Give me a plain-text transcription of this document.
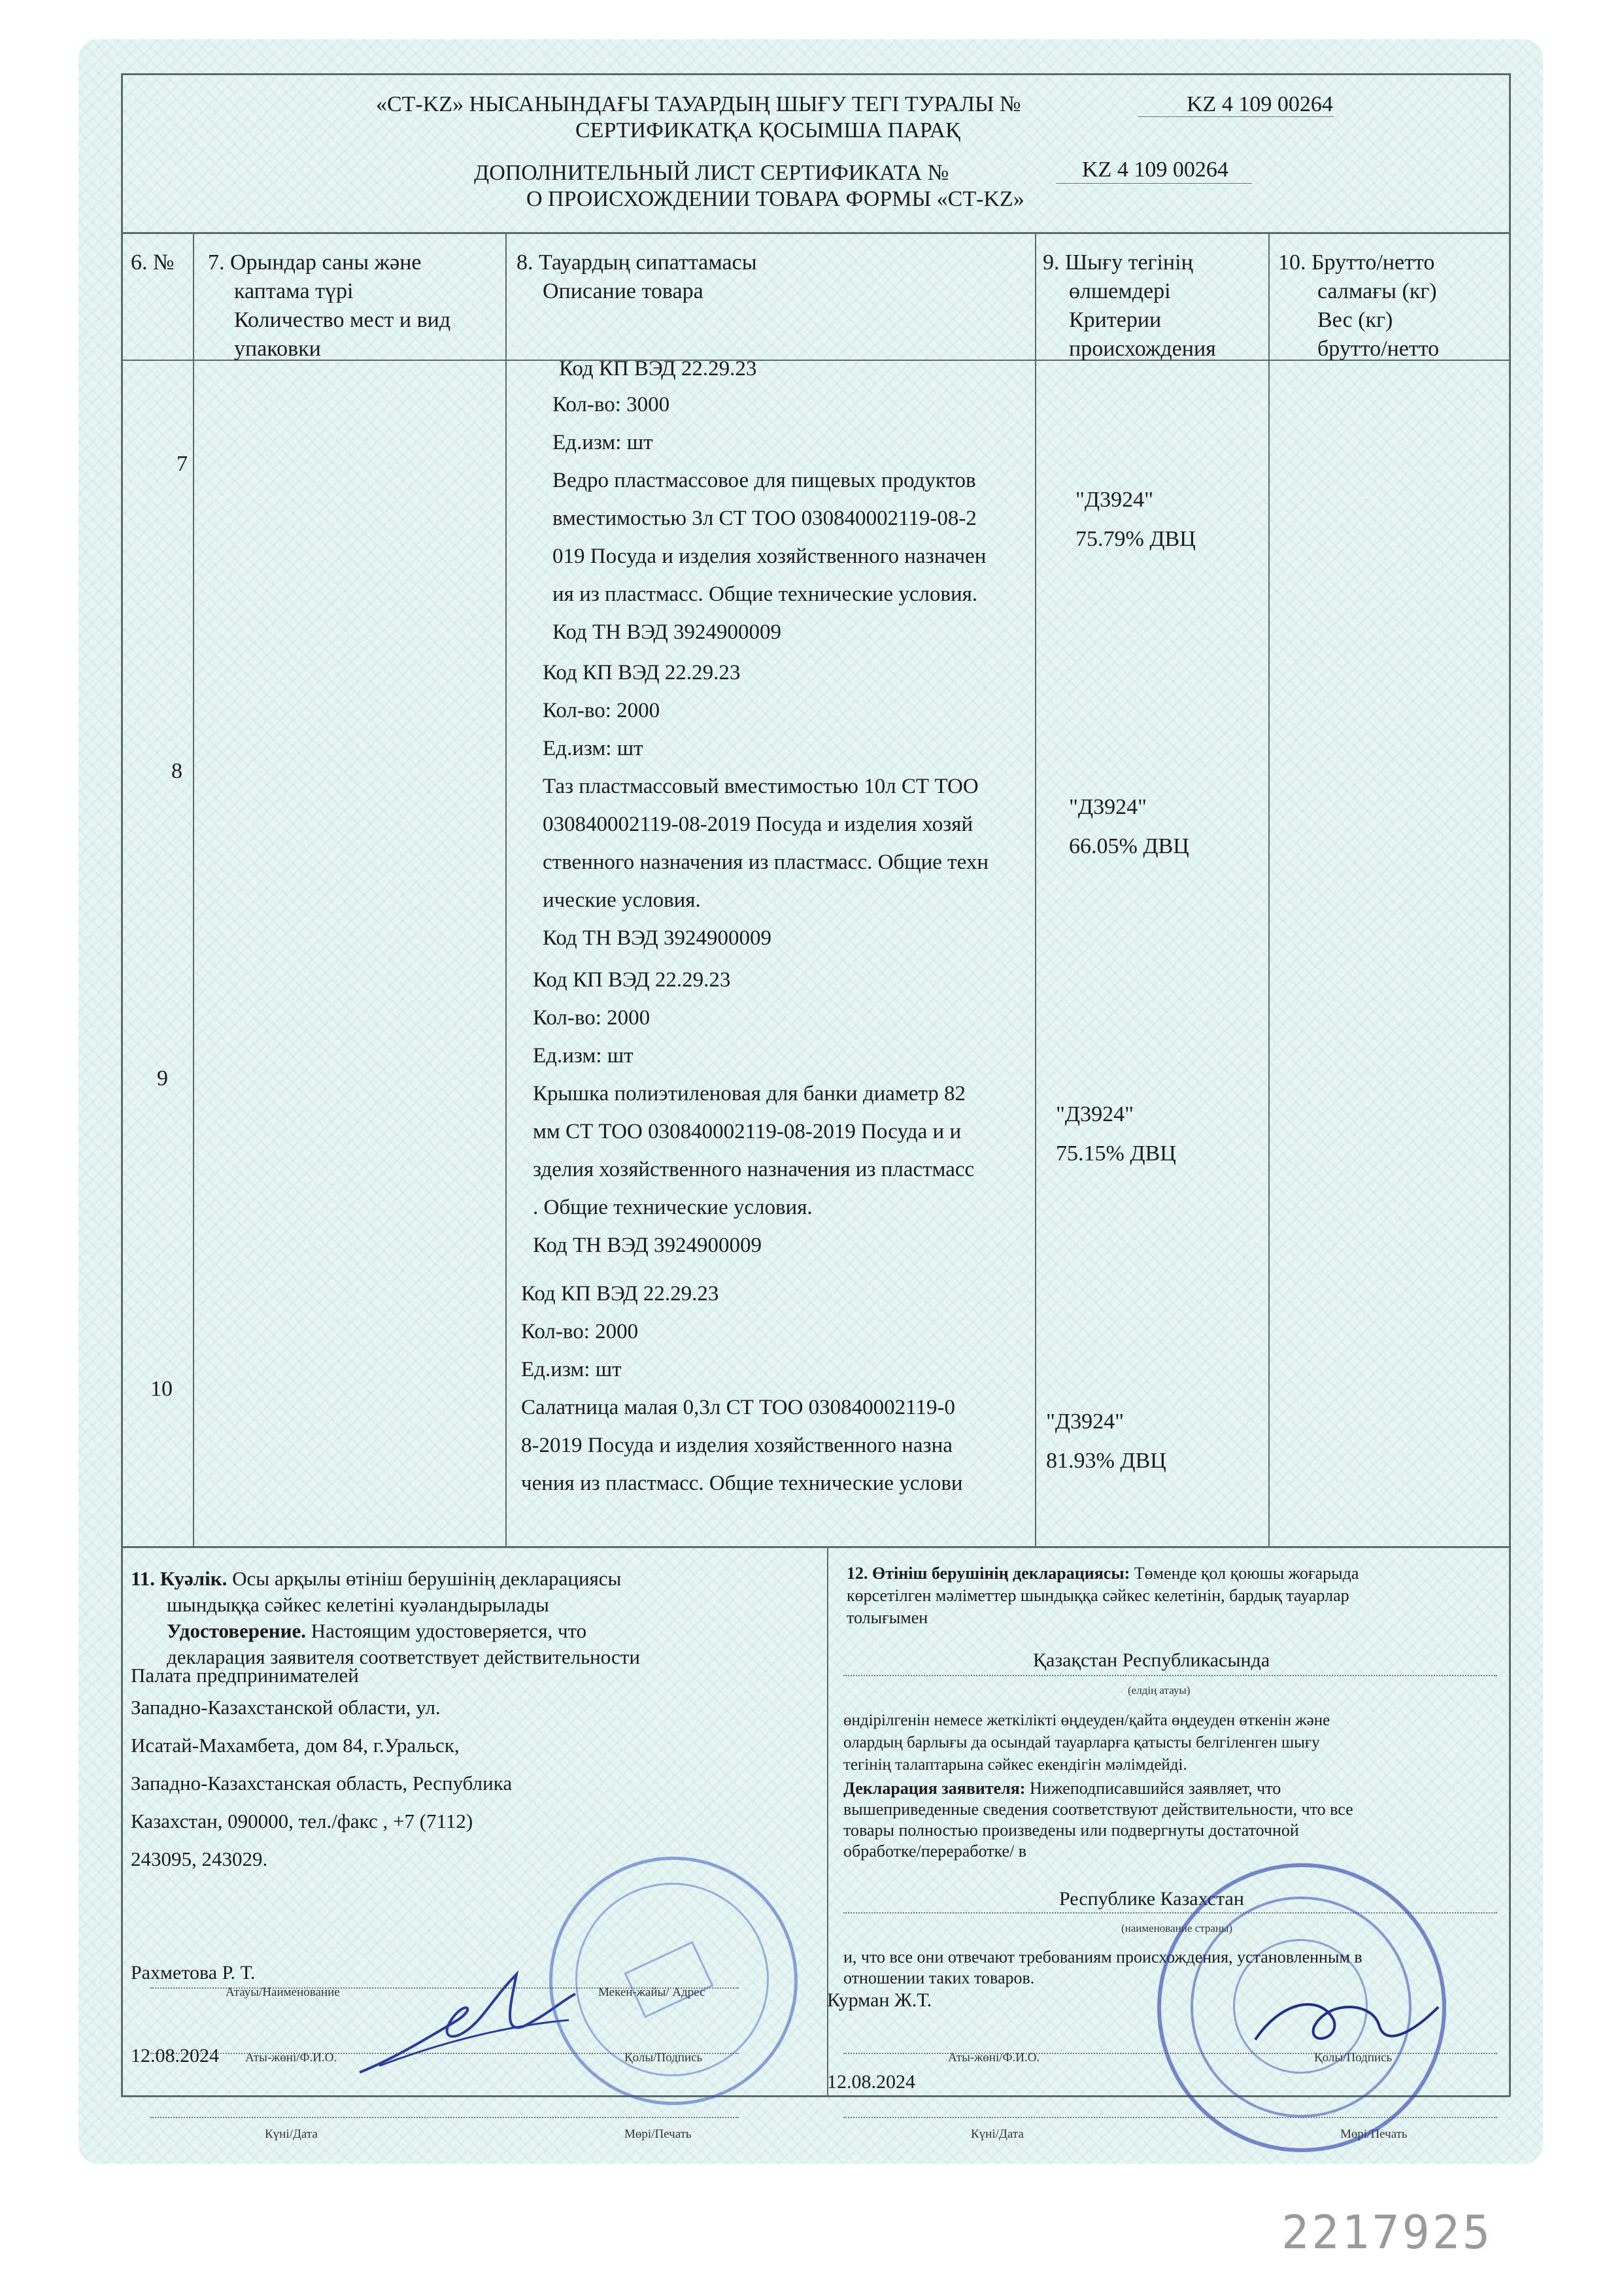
«СТ-KZ» НЫСАНЫНДАҒЫ ТАУАРДЫҢ ШЫҒУ ТЕГІ ТУРАЛЫ №	KZ 4 109 00264
СЕРТИФИКАТҚА ҚОСЫМША ПАРАҚ
ДОПОЛНИТЕЛЬНЫЙ ЛИСТ СЕРТИФИКАТА №	KZ 4 109 00264
О ПРОИСХОЖДЕНИИ ТОВАРА ФОРМЫ «СТ-KZ»
6. № 7. Орындар саны және
каптама түрі
Количество мест и вид
упаковки
8. Тауардың сипаттамасы
Описание товара
9. Шығу тегінің
өлшемдері
Критерии
происхождения
10. Брутто/нетто
салмағы (кг)
Вес (кг)
брутто/нетто
Код КП ВЭД 22.29.23
7
Кол-во: 3000
Ед.изм: шт
Ведро пластмассовое для пищевых продуктов
вместимостью 3л СТ ТОО 030840002119-08-2
019 Посуда и изделия хозяйственного назначен
ия из пластмасс. Общие технические условия.
Код ТН ВЭД 3924900009
"Д3924"
75.79% ДВЦ
8
Код КП ВЭД 22.29.23
Кол-во: 2000
Ед.изм: шт
Таз пластмассовый вместимостью 10л СТ ТОО
030840002119-08-2019 Посуда и изделия хозяй
ственного назначения из пластмасс. Общие техн
ические условия.
Код ТН ВЭД 3924900009
"Д3924"
66.05% ДВЦ
9
Код КП ВЭД 22.29.23
Кол-во: 2000
Ед.изм: шт
Крышка полиэтиленовая для банки диаметр 82
мм СТ ТОО 030840002119-08-2019 Посуда и и
зделия хозяйственного назначения из пластмасс
. Общие технические условия.
Код ТН ВЭД 3924900009
"Д3924"
75.15% ДВЦ
10
Код КП ВЭД 22.29.23
Кол-во: 2000
Ед.изм: шт
Салатница малая 0,3л СТ ТОО 030840002119-0
8-2019 Посуда и изделия хозяйственного назна
чения из пластмасс. Общие технические услови
"Д3924"
81.93% ДВЦ
11. Куәлік. Осы арқылы өтініш берушінің декларациясы
шындыққа сәйкес келетіні куәландырылады
Удостоверение. Настоящим удостоверяется, что
декларация заявителя соответствует действительности
Палата предпринимателей
Западно-Казахстанской области, ул.
Исатай-Махамбета, дом 84, г.Уральск,
Западно-Казахстанская область, Республика
Казахстан, 090000, тел./факс , +7 (7112)
243095, 243029.
Атауы/Наименование	Мекен-жайы/ Адрес
Рахметова Р. Т.
Аты-жөні/Ф.И.О.	Қолы/Подпись
12.08.2024
Күні/Дата	Мөрі/Печать
12. Өтініш берушінің декларациясы: Төменде қол қоюшы жоғарыда
көрсетілген мәліметтер шындыққа сәйкес келетінін, бардық тауарлар
толығымен
Қазақстан Республикасында
(елдің атауы)
өндірілгенін немесе жеткілікті өңдеуден/қайта өңдеуден өткенін және
олардың барлығы да осындай тауарларға қатысты белгіленген шығу
тегінің талаптарына сәйкес екендігін мәлімдейді.
Декларация заявителя: Нижеподписавшийся заявляет, что
вышеприведенные сведения соответствуют действительности, что все
товары полностью произведены или подвергнуты достаточной
обработке/переработке/ в
Республике Казахстан
(наименование страны)
и, что все они отвечают требованиям происхождения, установленным в
отношении таких товаров.
Курман Ж.Т.
Аты-жөні/Ф.И.О.	Қолы/Подпись
12.08.2024
Күні/Дата	Мөрі/Печать
2217925
